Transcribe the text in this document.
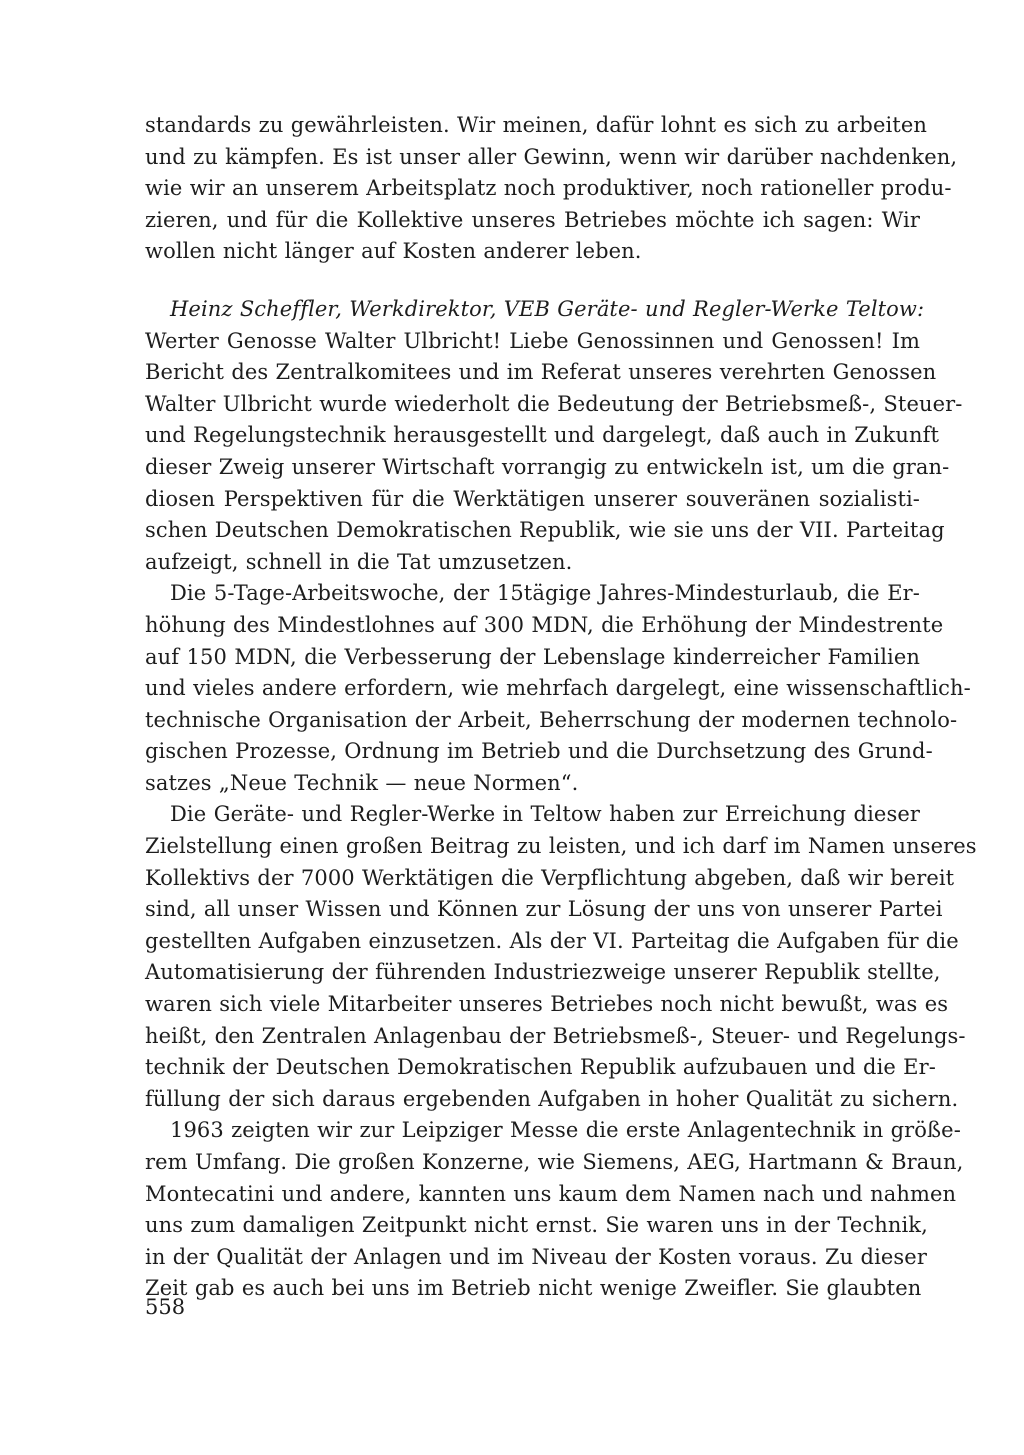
standards zu gewährleisten. Wir meinen, dafür lohnt es sich zu arbeiten
und zu kämpfen. Es ist unser aller Gewinn, wenn wir darüber nachdenken,
wie wir an unserem Arbeitsplatz noch produktiver, noch rationeller produ-
zieren, und für die Kollektive unseres Betriebes möchte ich sagen: Wir
wollen nicht länger auf Kosten anderer leben.

Heinz Scheffler, Werkdirektor, VEB Geräte- und Regler-Werke Teltow:
Werter Genosse Walter Ulbricht! Liebe Genossinnen und Genossen! Im
Bericht des Zentralkomitees und im Referat unseres verehrten Genossen
Walter Ulbricht wurde wiederholt die Bedeutung der Betriebsmeß-, Steuer-
und Regelungstechnik herausgestellt und dargelegt, daß auch in Zukunft
dieser Zweig unserer Wirtschaft vorrangig zu entwickeln ist, um die gran-
diosen Perspektiven für die Werktätigen unserer souveränen sozialisti-
schen Deutschen Demokratischen Republik, wie sie uns der VII. Parteitag
aufzeigt, schnell in die Tat umzusetzen.

Die 5-Tage-Arbeitswoche, der 15tägige Jahres-Mindesturlaub, die Er-
höhung des Mindestlohnes auf 300 MDN, die Erhöhung der Mindestrente
auf 150 MDN, die Verbesserung der Lebenslage kinderreicher Familien
und vieles andere erfordern, wie mehrfach dargelegt, eine wissenschaftlich-
technische Organisation der Arbeit, Beherrschung der modernen technolo-
gischen Prozesse, Ordnung im Betrieb und die Durchsetzung des Grund-
satzes „Neue Technik — neue Normen“.

Die Geräte- und Regler-Werke in Teltow haben zur Erreichung dieser
Zielstellung einen großen Beitrag zu leisten, und ich darf im Namen unseres
Kollektivs der 7000 Werktätigen die Verpflichtung abgeben, daß wir bereit
sind, all unser Wissen und Können zur Lösung der uns von unserer Partei
gestellten Aufgaben einzusetzen. Als der VI. Parteitag die Aufgaben für die
Automatisierung der führenden Industriezweige unserer Republik stellte,
waren sich viele Mitarbeiter unseres Betriebes noch nicht bewußt, was es
heißt, den Zentralen Anlagenbau der Betriebsmeß-, Steuer- und Regelungs-
technik der Deutschen Demokratischen Republik aufzubauen und die Er-
füllung der sich daraus ergebenden Aufgaben in hoher Qualität zu sichern.

1963 zeigten wir zur Leipziger Messe die erste Anlagentechnik in größe-
rem Umfang. Die großen Konzerne, wie Siemens, AEG, Hartmann & Braun,
Montecatini und andere, kannten uns kaum dem Namen nach und nahmen
uns zum damaligen Zeitpunkt nicht ernst. Sie waren uns in der Technik,
in der Qualität der Anlagen und im Niveau der Kosten voraus. Zu dieser
Zeit gab es auch bei uns im Betrieb nicht wenige Zweifler. Sie glaubten

558
